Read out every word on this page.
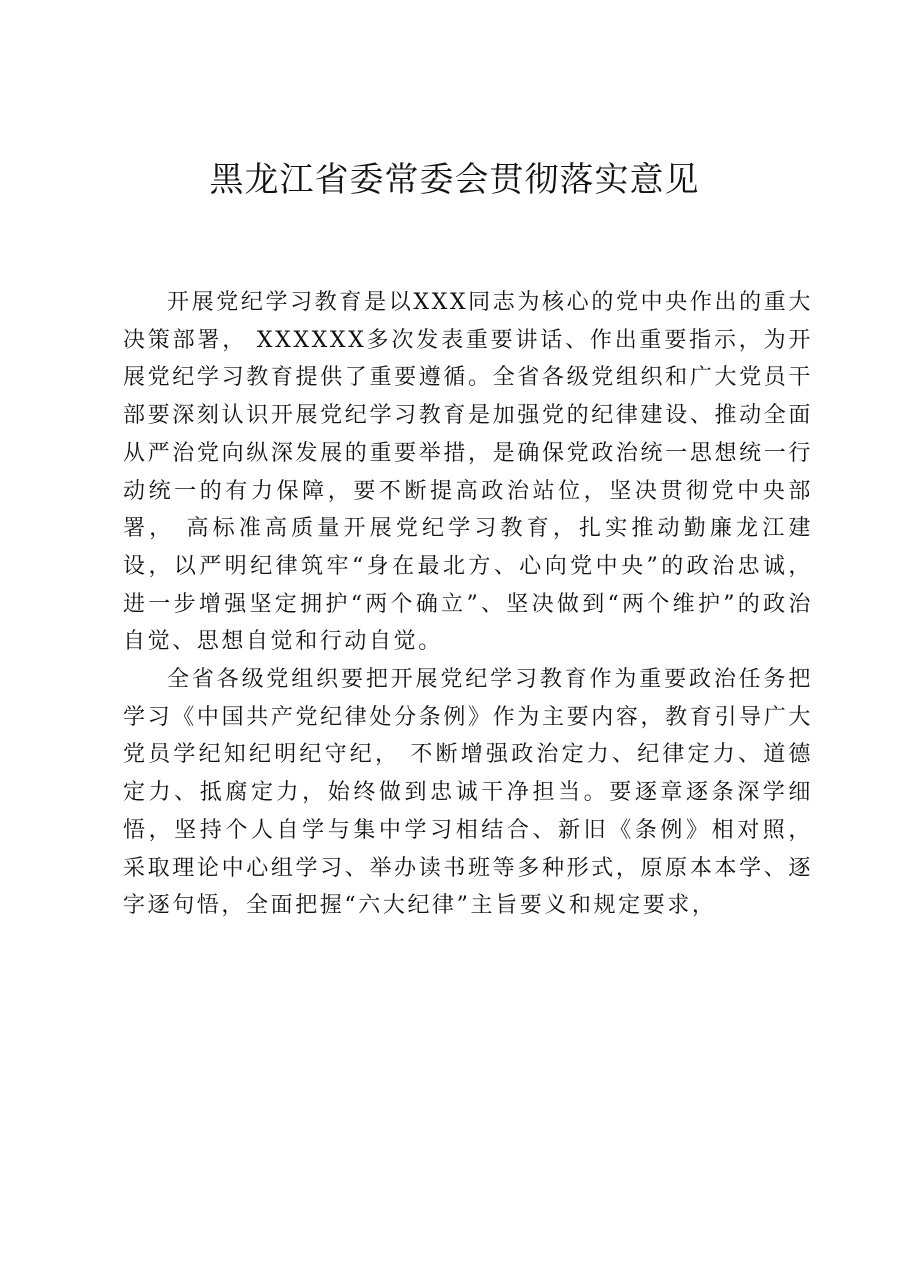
黑龙江省委常委会贯彻落实意见

开展党纪学习教育是以XXX同志为核心的党中央作出的重大决策部署， XXXXXX多次发表重要讲话、作出重要指示，为开展党纪学习教育提供了重要遵循。全省各级党组织和广大党员干部要深刻认识开展党纪学习教育是加强党的纪律建设、推动全面从严治党向纵深发展的重要举措，是确保党政治统一思想统一行动统一的有力保障，要不断提高政治站位，坚决贯彻党中央部署， 高标准高质量开展党纪学习教育，扎实推动勤廉龙江建设，以严明纪律筑牢“身在最北方、心向党中央”的政治忠诚，进一步增强坚定拥护“两个确立”、坚决做到“两个维护”的政治自觉、思想自觉和行动自觉。

全省各级党组织要把开展党纪学习教育作为重要政治任务把学习《中国共产党纪律处分条例》作为主要内容，教育引导广大党员学纪知纪明纪守纪， 不断增强政治定力、纪律定力、道德定力、抵腐定力，始终做到忠诚干净担当。要逐章逐条深学细悟，坚持个人自学与集中学习相结合、新旧《条例》相对照， 采取理论中心组学习、举办读书班等多种形式，原原本本学、逐字逐句悟，全面把握“六大纪律”主旨要义和规定要求，
